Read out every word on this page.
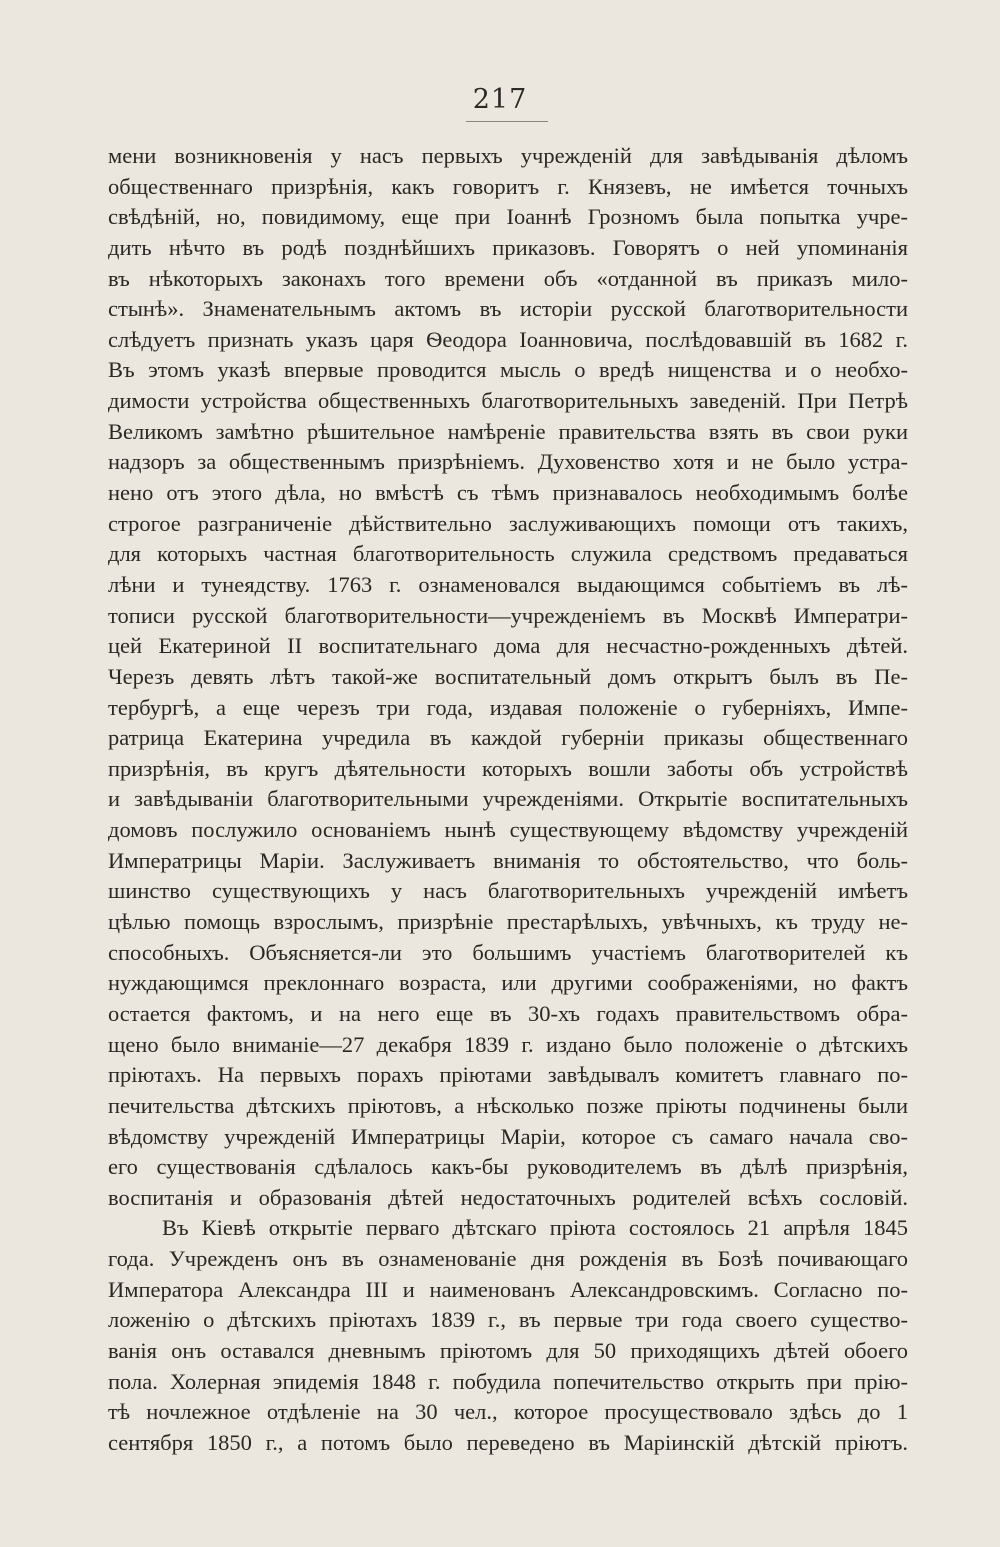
217
мени возникновенія у насъ первыхъ учрежденій для завѣдыванія дѣломъ
общественнаго призрѣнія, какъ говоритъ г. Князевъ, не имѣется точныхъ
свѣдѣній, но, повидимому, еще при Іоаннѣ Грозномъ была попытка учре-
дить нѣчто въ родѣ позднѣйшихъ приказовъ. Говорятъ о ней упоминанія
въ нѣкоторыхъ законахъ того времени объ «отданной въ приказъ мило-
стынѣ». Знаменательнымъ актомъ въ исторіи русской благотворительности
слѣдуетъ признать указъ царя Ѳеодора Іоанновича, послѣдовавшій въ 1682 г.
Въ этомъ указѣ впервые проводится мысль о вредѣ нищенства и о необхо-
димости устройства общественныхъ благотворительныхъ заведеній. При Петрѣ
Великомъ замѣтно рѣшительное намѣреніе правительства взять въ свои руки
надзоръ за общественнымъ призрѣніемъ. Духовенство хотя и не было устра-
нено отъ этого дѣла, но вмѣстѣ съ тѣмъ признавалось необходимымъ болѣе
строгое разграниченіе дѣйствительно заслуживающихъ помощи отъ такихъ,
для которыхъ частная благотворительность служила средствомъ предаваться
лѣни и тунеядству. 1763 г. ознаменовался выдающимся событіемъ въ лѣ-
тописи русской благотворительности—учрежденіемъ въ Москвѣ Императри-
цей Екатериной II воспитательнаго дома для несчастно-рожденныхъ дѣтей.
Черезъ девять лѣтъ такой-же воспитательный домъ открытъ былъ въ Пе-
тербургѣ, а еще черезъ три года, издавая положеніе о губерніяхъ, Импе-
ратрица Екатерина учредила въ каждой губерніи приказы общественнаго
призрѣнія, въ кругъ дѣятельности которыхъ вошли заботы объ устройствѣ
и завѣдываніи благотворительными учрежденіями. Открытіе воспитательныхъ
домовъ послужило основаніемъ нынѣ существующему вѣдомству учрежденій
Императрицы Маріи. Заслуживаетъ вниманія то обстоятельство, что боль-
шинство существующихъ у насъ благотворительныхъ учрежденій имѣетъ
цѣлью помощь взрослымъ, призрѣніе престарѣлыхъ, увѣчныхъ, къ труду не-
способныхъ. Объясняется-ли это большимъ участіемъ благотворителей къ
нуждающимся преклоннаго возраста, или другими соображеніями, но фактъ
остается фактомъ, и на него еще въ 30-хъ годахъ правительствомъ обра-
щено было вниманіе—27 декабря 1839 г. издано было положеніе о дѣтскихъ
пріютахъ. На первыхъ порахъ пріютами завѣдывалъ комитетъ главнаго по-
печительства дѣтскихъ пріютовъ, а нѣсколько позже пріюты подчинены были
вѣдомству учрежденій Императрицы Маріи, которое съ самаго начала сво-
его существованія сдѣлалось какъ-бы руководителемъ въ дѣлѣ призрѣнія,
воспитанія и образованія дѣтей недостаточныхъ родителей всѣхъ сословій.
Въ Кіевѣ открытіе перваго дѣтскаго пріюта состоялось 21 апрѣля 1845
года. Учрежденъ онъ въ ознаменованіе дня рожденія въ Бозѣ почивающаго
Императора Александра III и наименованъ Александровскимъ. Согласно по-
ложенію о дѣтскихъ пріютахъ 1839 г., въ первые три года своего существо-
ванія онъ оставался дневнымъ пріютомъ для 50 приходящихъ дѣтей обоего
пола. Холерная эпидемія 1848 г. побудила попечительство открыть при прію-
тѣ ночлежное отдѣленіе на 30 чел., которое просуществовало здѣсь до 1
сентября 1850 г., а потомъ было переведено въ Маріинскій дѣтскій пріютъ.
